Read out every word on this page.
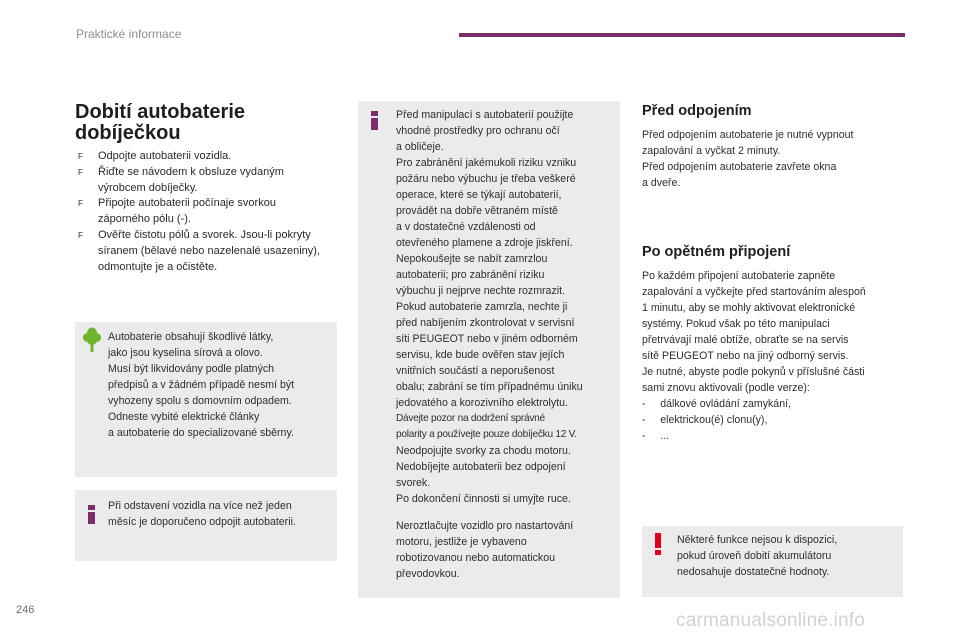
Praktické informace
Dobití autobaterie
dobíječkou
F Odpojte autobaterii vozidla.
F Řiďte se návodem k obsluze vydaným výrobcem dobíječky.
F Připojte autobaterii počínaje svorkou záporného pólu (-).
F Ověřte čistotu pólů a svorek. Jsou-li pokryty síranem (bělavé nebo nazelenalé usazeniny), odmontujte je a očistěte.

Autobaterie obsahují škodlivé látky,

jako jsou kyselina sírová a olovo.

Musí být likvidovány podle platných

předpisů a v žádném případě nesmí být

vyhozeny spolu s domovním odpadem.

Odneste vybité elektrické články

a autobaterie do specializované sběrny.

Při odstavení vozidla na více než jeden

měsíc je doporučeno odpojit autobaterii.

Před manipulací s autobaterií použijte

vhodné prostředky pro ochranu očí

a obličeje.

Pro zabránění jakémukoli riziku vzniku

požáru nebo výbuchu je třeba veškeré

operace, které se týkají autobaterií,

provádět na dobře větraném místě

a v dostatečné vzdálenosti od

otevřeného plamene a zdroje jiskření.

Nepokoušejte se nabít zamrzlou

autobaterii; pro zabránění riziku

výbuchu ji nejprve nechte rozmrazit.

Pokud autobaterie zamrzla, nechte ji

před nabíjením zkontrolovat v servisní

síti PEUGEOT nebo v jiném odborném

servisu, kde bude ověřen stav jejích

vnitřních součástí a neporušenost

obalu; zabrání se tím případnému úniku

jedovatého a korozivního elektrolytu.

Dávejte pozor na dodržení správné

polarity a používejte pouze dobíječku 12 V.

Neodpojujte svorky za chodu motoru.

Nedobíjejte autobaterii bez odpojení

svorek.

Po dokončení činnosti si umyjte ruce.

Neroztlačujte vozidlo pro nastartování

motoru, jestliže je vybaveno

robotizovanou nebo automatickou

převodovkou.

Před odpojením

Před odpojením autobaterie je nutné vypnout

zapalování a vyčkat 2 minuty.

Před odpojením autobaterie zavřete okna

a dveře.

Po opětném připojení

Po každém připojení autobaterie zapněte

zapalování a vyčkejte před startováním alespoň

1 minutu, aby se mohly aktivovat elektronické

systémy. Pokud však po této manipulaci

přetrvávají malé obtíže, obraťte se na servis

sítě PEUGEOT nebo na jiný odborný servis.

Je nutné, abyste podle pokynů v příslušné části

sami znovu aktivovali (podle verze):

-     dálkové ovládání zamykání,

-     elektrickou(é) clonu(y),

-     ...

Některé funkce nejsou k dispozici,

pokud úroveň dobití akumulátoru

nedosahuje dostatečné hodnoty.

246	carmanualsonline.info
